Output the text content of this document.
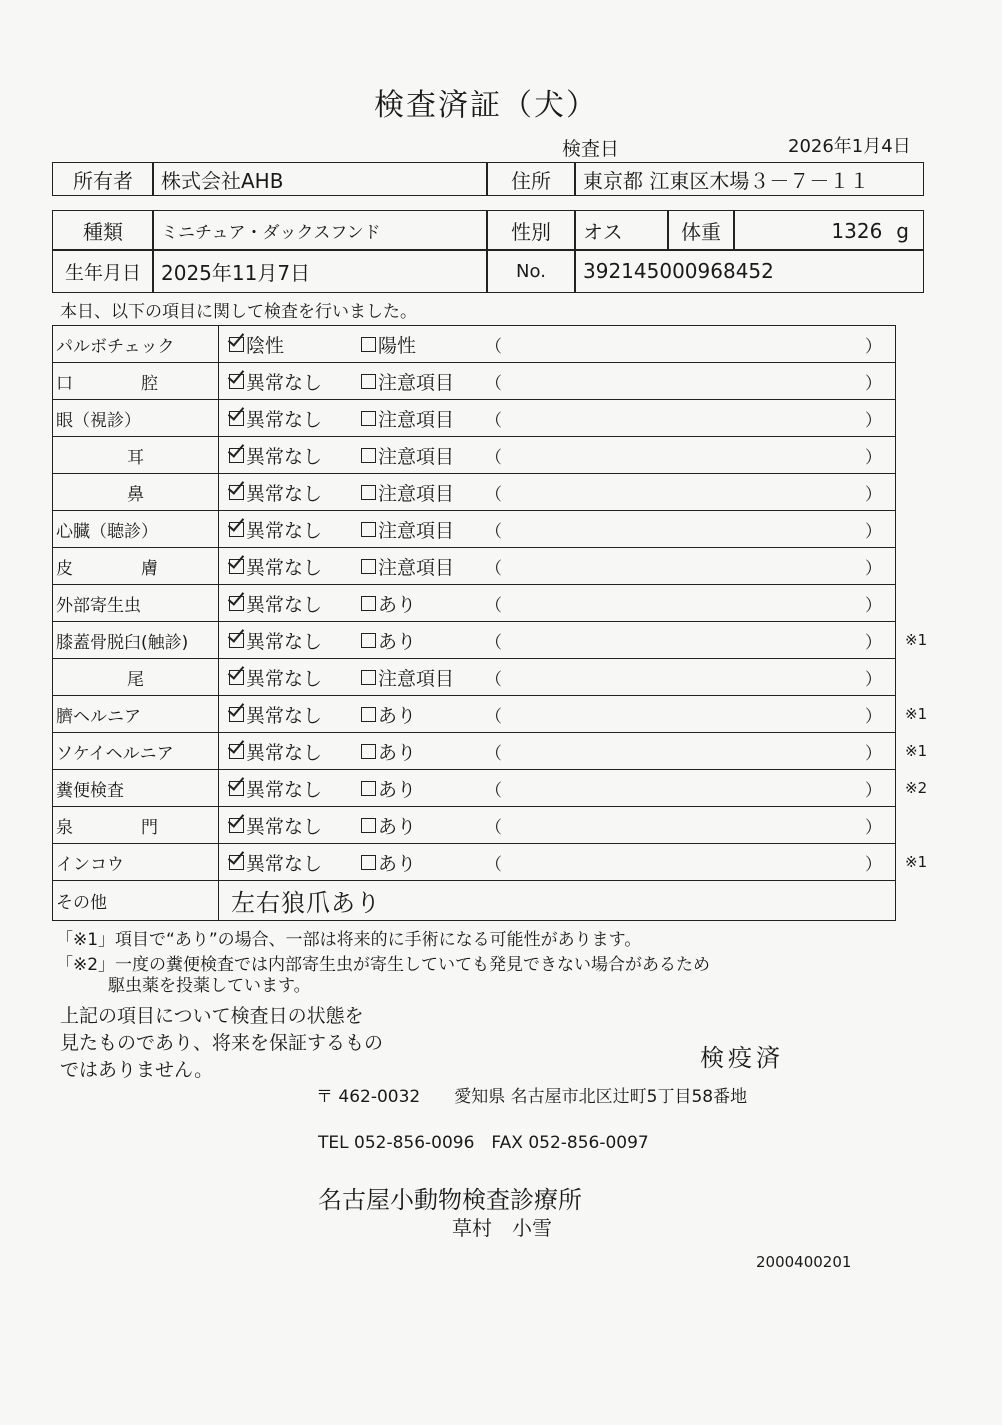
検査済証（犬）
検査日	2026年1月4日
所有者	株式会社AHB	住所	東京都 江東区木場３－７－１１
種類	ミニチュア・ダックスフンド	性別	オス	体重	1326 g
生年月日	2025年11月7日	No.	392145000968452
本日、以下の項目に関して検査を行いました。
パルボチェック	陰性	陽性	（	）
口　　　　腔	異常なし	注意項目 （	）
眼（視診）	異常なし	注意項目 （	）
耳	異常なし	注意項目 （	）
鼻	異常なし	注意項目 （	）
心臓（聴診）	異常なし	注意項目 （	）
皮　　　　膚	異常なし	注意項目 （	）
外部寄生虫	異常なし	あり	（	）
膝蓋骨脱臼(触診)	異常なし	あり	（	） ※1
尾	異常なし	注意項目 （	）
臍ヘルニア	異常なし	あり	（	） ※1
ソケイヘルニア	異常なし	あり	（	） ※1
糞便検査	異常なし	あり	（	） ※2
泉　　　　門	異常なし	あり	（	）
インコウ	異常なし	あり	（	） ※1
その他	左右狼爪あり
「※1」項目で“あり”の場合、一部は将来的に手術になる可能性があります。
「※2」一度の糞便検査では内部寄生虫が寄生していても発見できない場合があるため
駆虫薬を投薬しています。
上記の項目について検査日の状態を
見たものであり、将来を保証するもの
ではありません。	検疫済
〒 462-0032　　愛知県 名古屋市北区辻町5丁目58番地
TEL 052-856-0096　FAX 052-856-0097
名古屋小動物検査診療所
草村　小雪
2000400201
